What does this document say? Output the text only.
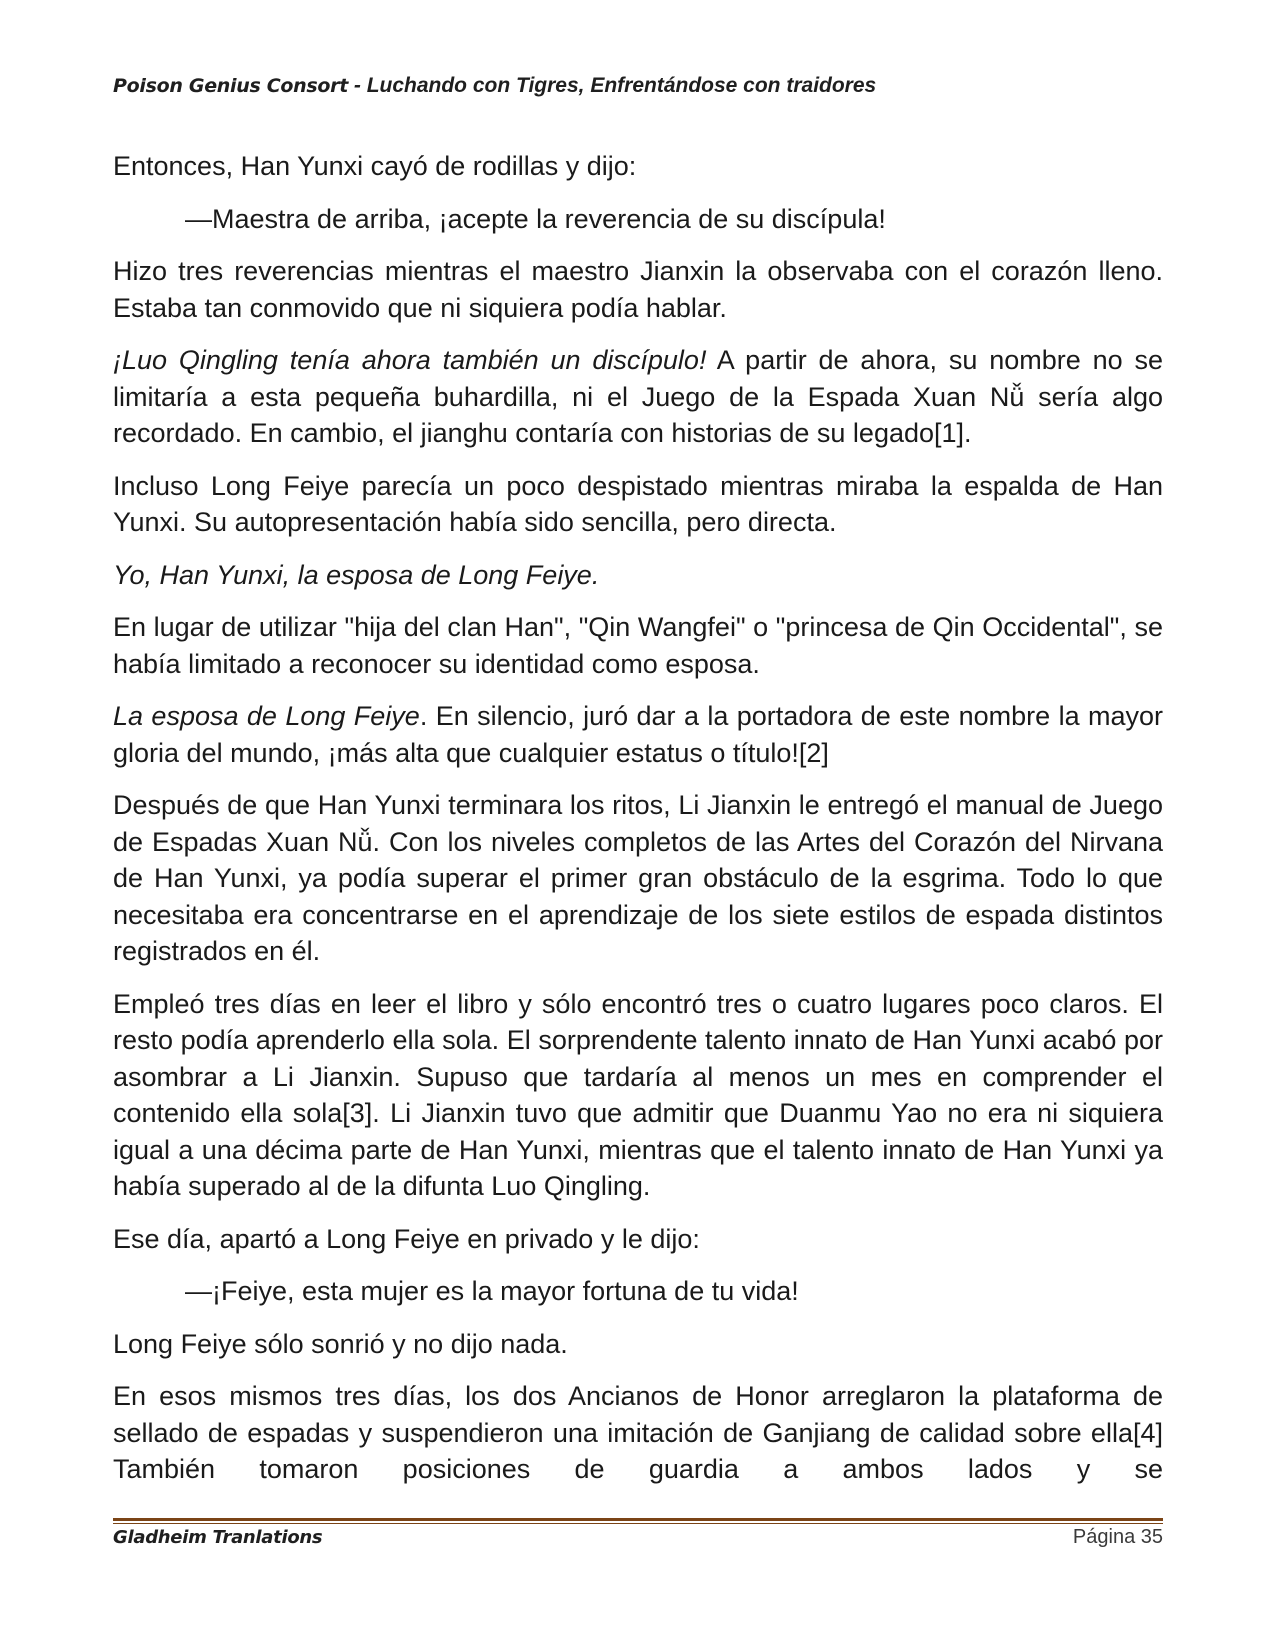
Poison Genius Consort - Luchando con Tigres, Enfrentándose con traidores

Entonces, Han Yunxi cayó de rodillas y dijo:

—Maestra de arriba, ¡acepte la reverencia de su discípula!

Hizo tres reverencias mientras el maestro Jianxin la observaba con el corazón lleno. Estaba tan conmovido que ni siquiera podía hablar.

¡Luo Qingling tenía ahora también un discípulo! A partir de ahora, su nombre no se limitaría a esta pequeña buhardilla, ni el Juego de la Espada Xuan Nǚ sería algo recordado. En cambio, el jianghu contaría con historias de su legado[1].

Incluso Long Feiye parecía un poco despistado mientras miraba la espalda de Han Yunxi. Su autopresentación había sido sencilla, pero directa.

Yo, Han Yunxi, la esposa de Long Feiye.

En lugar de utilizar "hija del clan Han", "Qin Wangfei" o "princesa de Qin Occidental", se había limitado a reconocer su identidad como esposa.

La esposa de Long Feiye. En silencio, juró dar a la portadora de este nombre la mayor gloria del mundo, ¡más alta que cualquier estatus o título![2]

Después de que Han Yunxi terminara los ritos, Li Jianxin le entregó el manual de Juego de Espadas Xuan Nǚ. Con los niveles completos de las Artes del Corazón del Nirvana de Han Yunxi, ya podía superar el primer gran obstáculo de la esgrima. Todo lo que necesitaba era concentrarse en el aprendizaje de los siete estilos de espada distintos registrados en él.

Empleó tres días en leer el libro y sólo encontró tres o cuatro lugares poco claros. El resto podía aprenderlo ella sola. El sorprendente talento innato de Han Yunxi acabó por asombrar a Li Jianxin. Supuso que tardaría al menos un mes en comprender el contenido ella sola[3]. Li Jianxin tuvo que admitir que Duanmu Yao no era ni siquiera igual a una décima parte de Han Yunxi, mientras que el talento innato de Han Yunxi ya había superado al de la difunta Luo Qingling.

Ese día, apartó a Long Feiye en privado y le dijo:

—¡Feiye, esta mujer es la mayor fortuna de tu vida!

Long Feiye sólo sonrió y no dijo nada.

En esos mismos tres días, los dos Ancianos de Honor arreglaron la plataforma de sellado de espadas y suspendieron una imitación de Ganjiang de calidad sobre ella[4] También tomaron posiciones de guardia a ambos lados y se

Gladheim Tranlations	Página 35
